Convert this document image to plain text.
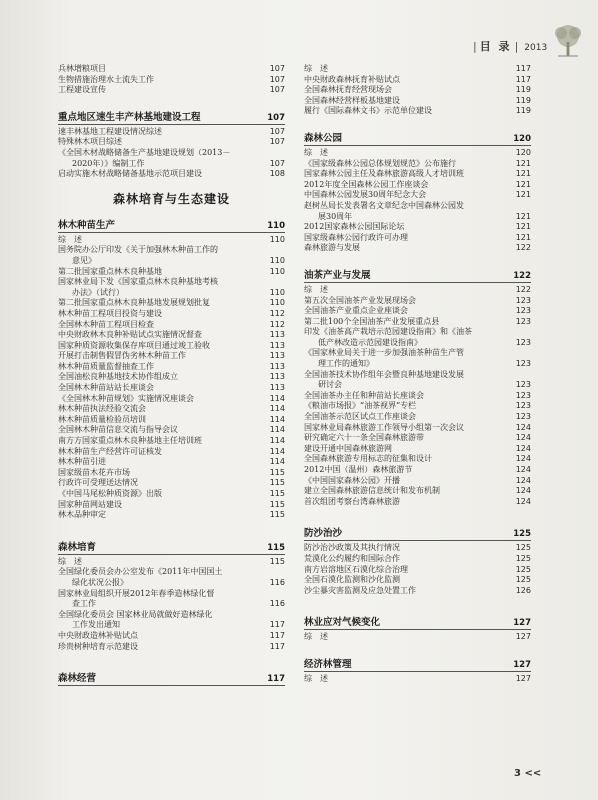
| 目 录 | 2013
兵林增粮项目	107
生物措施治理水土流失工作	107
工程建设宣传	107
重点地区速生丰产林基地建设工程	107
速丰林基地工程建设情况综述	107
特殊林木项目综述	107
《全国木材战略储备生产基地建设规划（2013－
2020年）》编制工作	107
启动实施木材战略储备基地示范项目建设	108
森林培育与生态建设
林木种苗生产	110
综　述	110
国务院办公厅印发《关于加强林木种苗工作的
意见》	110
第二批国家重点林木良种基地	110
国家林业局下发《国家重点林木良种基地考核
办法》（试行）	110
第二批国家重点林木良种基地发展规划批复	110
林木种苗工程项目投资与建设	112
全国林木种苗工程项目检查	112
中央财政林木良种补贴试点实施情况督查	113
国家种质资源收集保存库项目通过竣工验收	113
开展打击制售假冒伪劣林木种苗工作	113
林木种苗质量监督抽查工作	113
全国油松良种基地技术协作组成立	113
全国林木种苗站站长座谈会	113
《全国林木种苗规划》实施情况座谈会	114
林木种苗执法经验交流会	114
林木种苗质量检验员培训	114
全国林木种苗信息交流与指导会议	114
南方方国家重点林木良种基地主任培训班	114
林木种苗生产经营许可证核发	114
林木种苗引进	114
国家级苗木花卉市场	115
行政许可受理送达情况	115
《中国马尾松种质资源》出版	115
国家种苗网站建设	115
林木品种审定	115
森林培育	115
综　述	115
全国绿化委员会办公室发布《2011年中国国土
绿化状况公报》	116
国家林业局组织开展2012年春季造林绿化督
查工作	116
全国绿化委员会 国家林业局就做好造林绿化
工作发出通知	117
中央财政造林补贴试点	117
珍贵树种培育示范建设	117
森林经营	117
综　述	117
中央财政森林抚育补贴试点	117
全国森林抚育经营现场会	119
全国森林经营样板基地建设	119
履行《国际森林文书》示范单位建设	119
森林公园	120
综　述	120
《国家级森林公园总体规划规范》公布施行	121
国家森林公园主任及森林旅游高级人才培训班	121
2012年度全国森林公园工作座谈会	121
中国森林公园发展30周年纪念大会	121
赵树丛局长发表署名文章纪念中国森林公园发
展30周年	121
2012国家森林公园国际论坛	121
国家级森林公园行政许可办理	121
森林旅游与发展	122
油茶产业与发展	122
综　述	122
第五次全国油茶产业发展现场会	123
全国油茶产业重点企业座谈会	123
第二批100个全国油茶产业发展重点县	123
印发《油茶高产栽培示范园建设指南》和《油茶
低产林改造示范园建设指南》	123
《国家林业局关于进一步加强油茶种苗生产管
理工作的通知》	123
全国油茶技术协作组年会暨良种基地建设发展
研讨会	123
全国油茶办主任和种苗站长座谈会	123
《粮油市场报》“油茶视界”专栏	123
全国油茶示范区试点工作座谈会	123
国家林业局森林旅游工作领导小组第一次会议	124
研究确定六十一条全国森林旅游带	124
建设开通中国森林旅游网	124
全国森林旅游专用标志的征集和设计	124
2012中国（温州）森林旅游节	124
《中国国家森林公园》开播	124
建立全国森林旅游信息统计和发布机制	124
首次组团考察台湾森林旅游	124
防沙治沙	125
防沙治沙政策及其执行情况	125
荒漠化公约履约和国际合作	125
南方岩溶地区石漠化综合治理	125
全国石漠化监测和沙化监测	125
沙尘暴灾害监测及应急处置工作	126
林业应对气候变化	127
综　述	127
经济林管理	127
综　述	127
3 <<
